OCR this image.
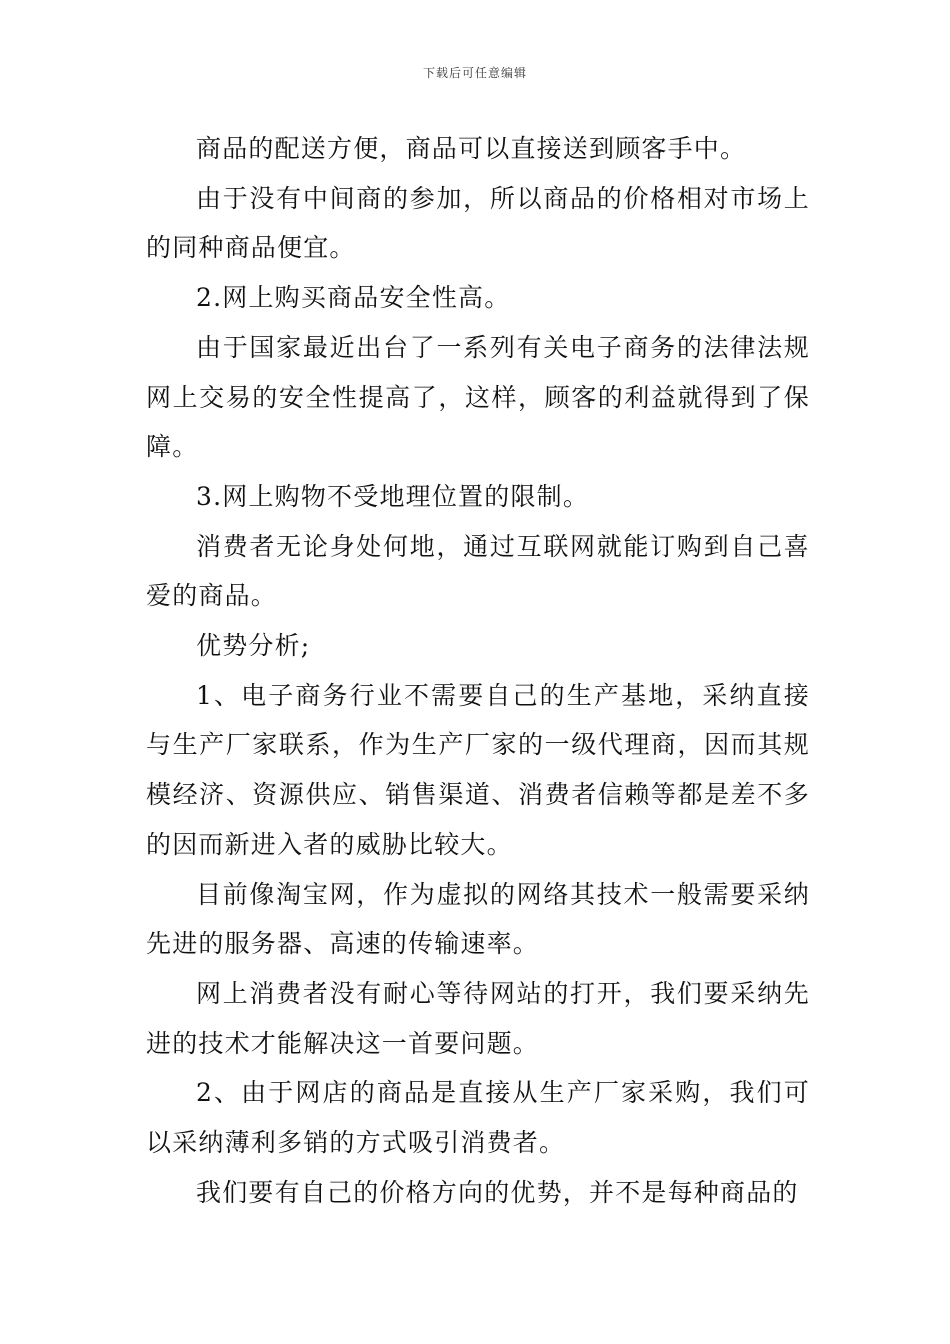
下载后可任意编辑

商品的配送方便，商品可以直接送到顾客手中。

由于没有中间商的参加，所以商品的价格相对市场上的同种商品便宜。

2.网上购买商品安全性高。

由于国家最近出台了一系列有关电子商务的法律法规网上交易的安全性提高了，这样，顾客的利益就得到了保障。

3.网上购物不受地理位置的限制。

消费者无论身处何地，通过互联网就能订购到自己喜爱的商品。

优势分析;

1、电子商务行业不需要自己的生产基地，采纳直接与生产厂家联系，作为生产厂家的一级代理商，因而其规模经济、资源供应、销售渠道、消费者信赖等都是差不多的因而新进入者的威胁比较大。

目前像淘宝网，作为虚拟的网络其技术一般需要采纳先进的服务器、高速的传输速率。

网上消费者没有耐心等待网站的打开，我们要采纳先进的技术才能解决这一首要问题。

2、由于网店的商品是直接从生产厂家采购，我们可以采纳薄利多销的方式吸引消费者。

我们要有自己的价格方向的优势，并不是每种商品的
